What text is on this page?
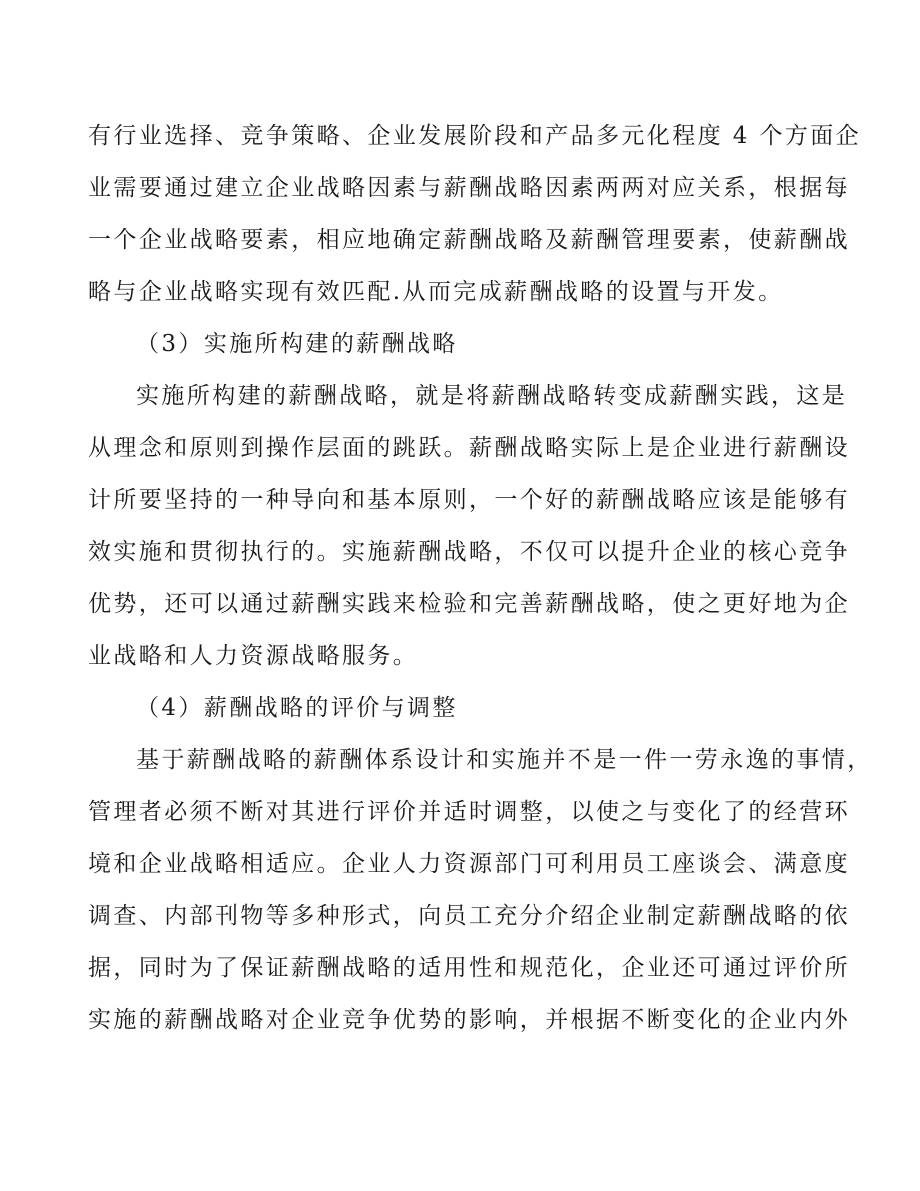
有行业选择、竞争策略、企业发展阶段和产品多元化程度 4 个方面企
业需要通过建立企业战略因素与薪酬战略因素两两对应关系，根据每
一个企业战略要素，相应地确定薪酬战略及薪酬管理要素，使薪酬战
略与企业战略实现有效匹配.从而完成薪酬战略的设置与开发。
（3）实施所构建的薪酬战略
实施所构建的薪酬战略，就是将薪酬战略转变成薪酬实践，这是
从理念和原则到操作层面的跳跃。薪酬战略实际上是企业进行薪酬设
计所要坚持的一种导向和基本原则，一个好的薪酬战略应该是能够有
效实施和贯彻执行的。实施薪酬战略，不仅可以提升企业的核心竞争
优势，还可以通过薪酬实践来检验和完善薪酬战略，使之更好地为企
业战略和人力资源战略服务。
（4）薪酬战略的评价与调整
基于薪酬战略的薪酬体系设计和实施并不是一件一劳永逸的事情，
管理者必须不断对其进行评价并适时调整，以使之与变化了的经营环
境和企业战略相适应。企业人力资源部门可利用员工座谈会、满意度
调查、内部刊物等多种形式，向员工充分介绍企业制定薪酬战略的依
据，同时为了保证薪酬战略的适用性和规范化，企业还可通过评价所
实施的薪酬战略对企业竞争优势的影响，并根据不断变化的企业内外
